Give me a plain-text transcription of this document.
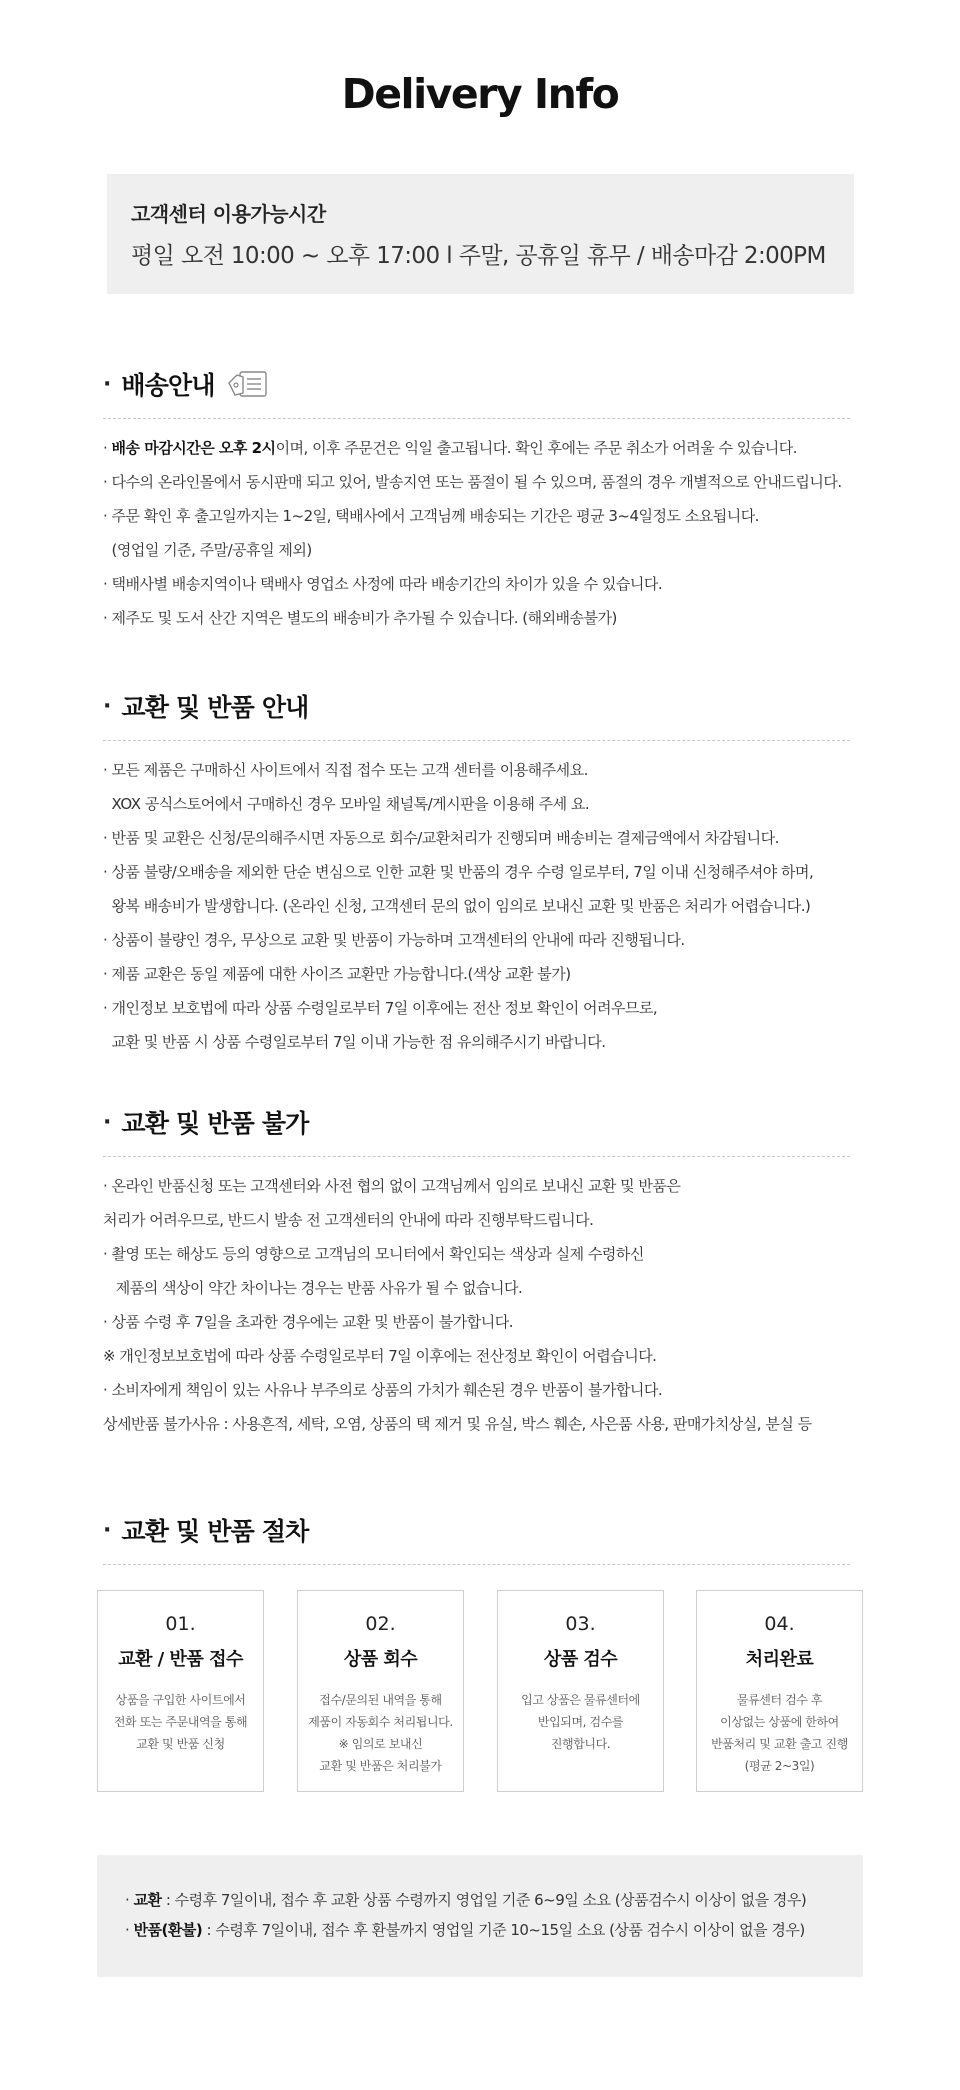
Delivery Info
고객센터 이용가능시간
평일 오전 10:00 ~ 오후 17:00 l 주말, 공휴일 휴무 / 배송마감 2:00PM
· 배송안내
· 배송 마감시간은 오후 2시이며, 이후 주문건은 익일 출고됩니다. 확인 후에는 주문 취소가 어려울 수 있습니다.
· 다수의 온라인몰에서 동시판매 되고 있어, 발송지연 또는 품절이 될 수 있으며, 품절의 경우 개별적으로 안내드립니다.
· 주문 확인 후 출고일까지는 1~2일, 택배사에서 고객님께 배송되는 기간은 평균 3~4일정도 소요됩니다.
(영업일 기준, 주말/공휴일 제외)
· 택배사별 배송지역이나 택배사 영업소 사정에 따라 배송기간의 차이가 있을 수 있습니다.
· 제주도 및 도서 산간 지역은 별도의 배송비가 추가될 수 있습니다. (해외배송불가)
· 교환 및 반품 안내
· 모든 제품은 구매하신 사이트에서 직접 접수 또는 고객 센터를 이용해주세요.
XOX 공식스토어에서 구매하신 경우 모바일 채널톡/게시판을 이용해 주세 요.
· 반품 및 교환은 신청/문의해주시면 자동으로 회수/교환처리가 진행되며 배송비는 결제금액에서 차감됩니다.
· 상품 불량/오배송을 제외한 단순 변심으로 인한 교환 및 반품의 경우 수령 일로부터, 7일 이내 신청해주셔야 하며,
왕복 배송비가 발생합니다. (온라인 신청, 고객센터 문의 없이 임의로 보내신 교환 및 반품은 처리가 어렵습니다.)
· 상품이 불량인 경우, 무상으로 교환 및 반품이 가능하며 고객센터의 안내에 따라 진행됩니다.
· 제품 교환은 동일 제품에 대한 사이즈 교환만 가능합니다.(색상 교환 불가)
· 개인정보 보호법에 따라 상품 수령일로부터 7일 이후에는 전산 정보 확인이 어려우므로,
교환 및 반품 시 상품 수령일로부터 7일 이내 가능한 점 유의해주시기 바랍니다.
· 교환 및 반품 불가
· 온라인 반품신청 또는 고객센터와 사전 협의 없이 고객님께서 임의로 보내신 교환 및 반품은
처리가 어려우므로, 반드시 발송 전 고객센터의 안내에 따라 진행부탁드립니다.
· 촬영 또는 해상도 등의 영향으로 고객님의 모니터에서 확인되는 색상과 실제 수령하신
제품의 색상이 약간 차이나는 경우는 반품 사유가 될 수 없습니다.
· 상품 수령 후 7일을 초과한 경우에는 교환 및 반품이 불가합니다.
※ 개인정보보호법에 따라 상품 수령일로부터 7일 이후에는 전산정보 확인이 어렵습니다.
· 소비자에게 책임이 있는 사유나 부주의로 상품의 가치가 훼손된 경우 반품이 불가합니다.
상세반품 불가사유 : 사용흔적, 세탁, 오염, 상품의 택 제거 및 유실, 박스 훼손, 사은품 사용, 판매가치상실, 분실 등
· 교환 및 반품 절차
01.
교환 / 반품 접수
상품을 구입한 사이트에서
전화 또는 주문내역을 통해
교환 및 반품 신청
02.
상품 회수
접수/문의된 내역을 통해
제품이 자동회수 처리됩니다.
※ 임의로 보내신
교환 및 반품은 처리불가
03.
상품 검수
입고 상품은 물류센터에
반입되며, 검수를
진행합니다.
04.
처리완료
물류센터 검수 후
이상없는 상품에 한하여
반품처리 및 교환 출고 진행
(평균 2~3일)
· 교환 : 수령후 7일이내, 접수 후 교환 상품 수령까지 영업일 기준 6~9일 소요 (상품검수시 이상이 없을 경우)
· 반품(환불) : 수령후 7일이내, 접수 후 환불까지 영업일 기준 10~15일 소요 (상품 검수시 이상이 없을 경우)
